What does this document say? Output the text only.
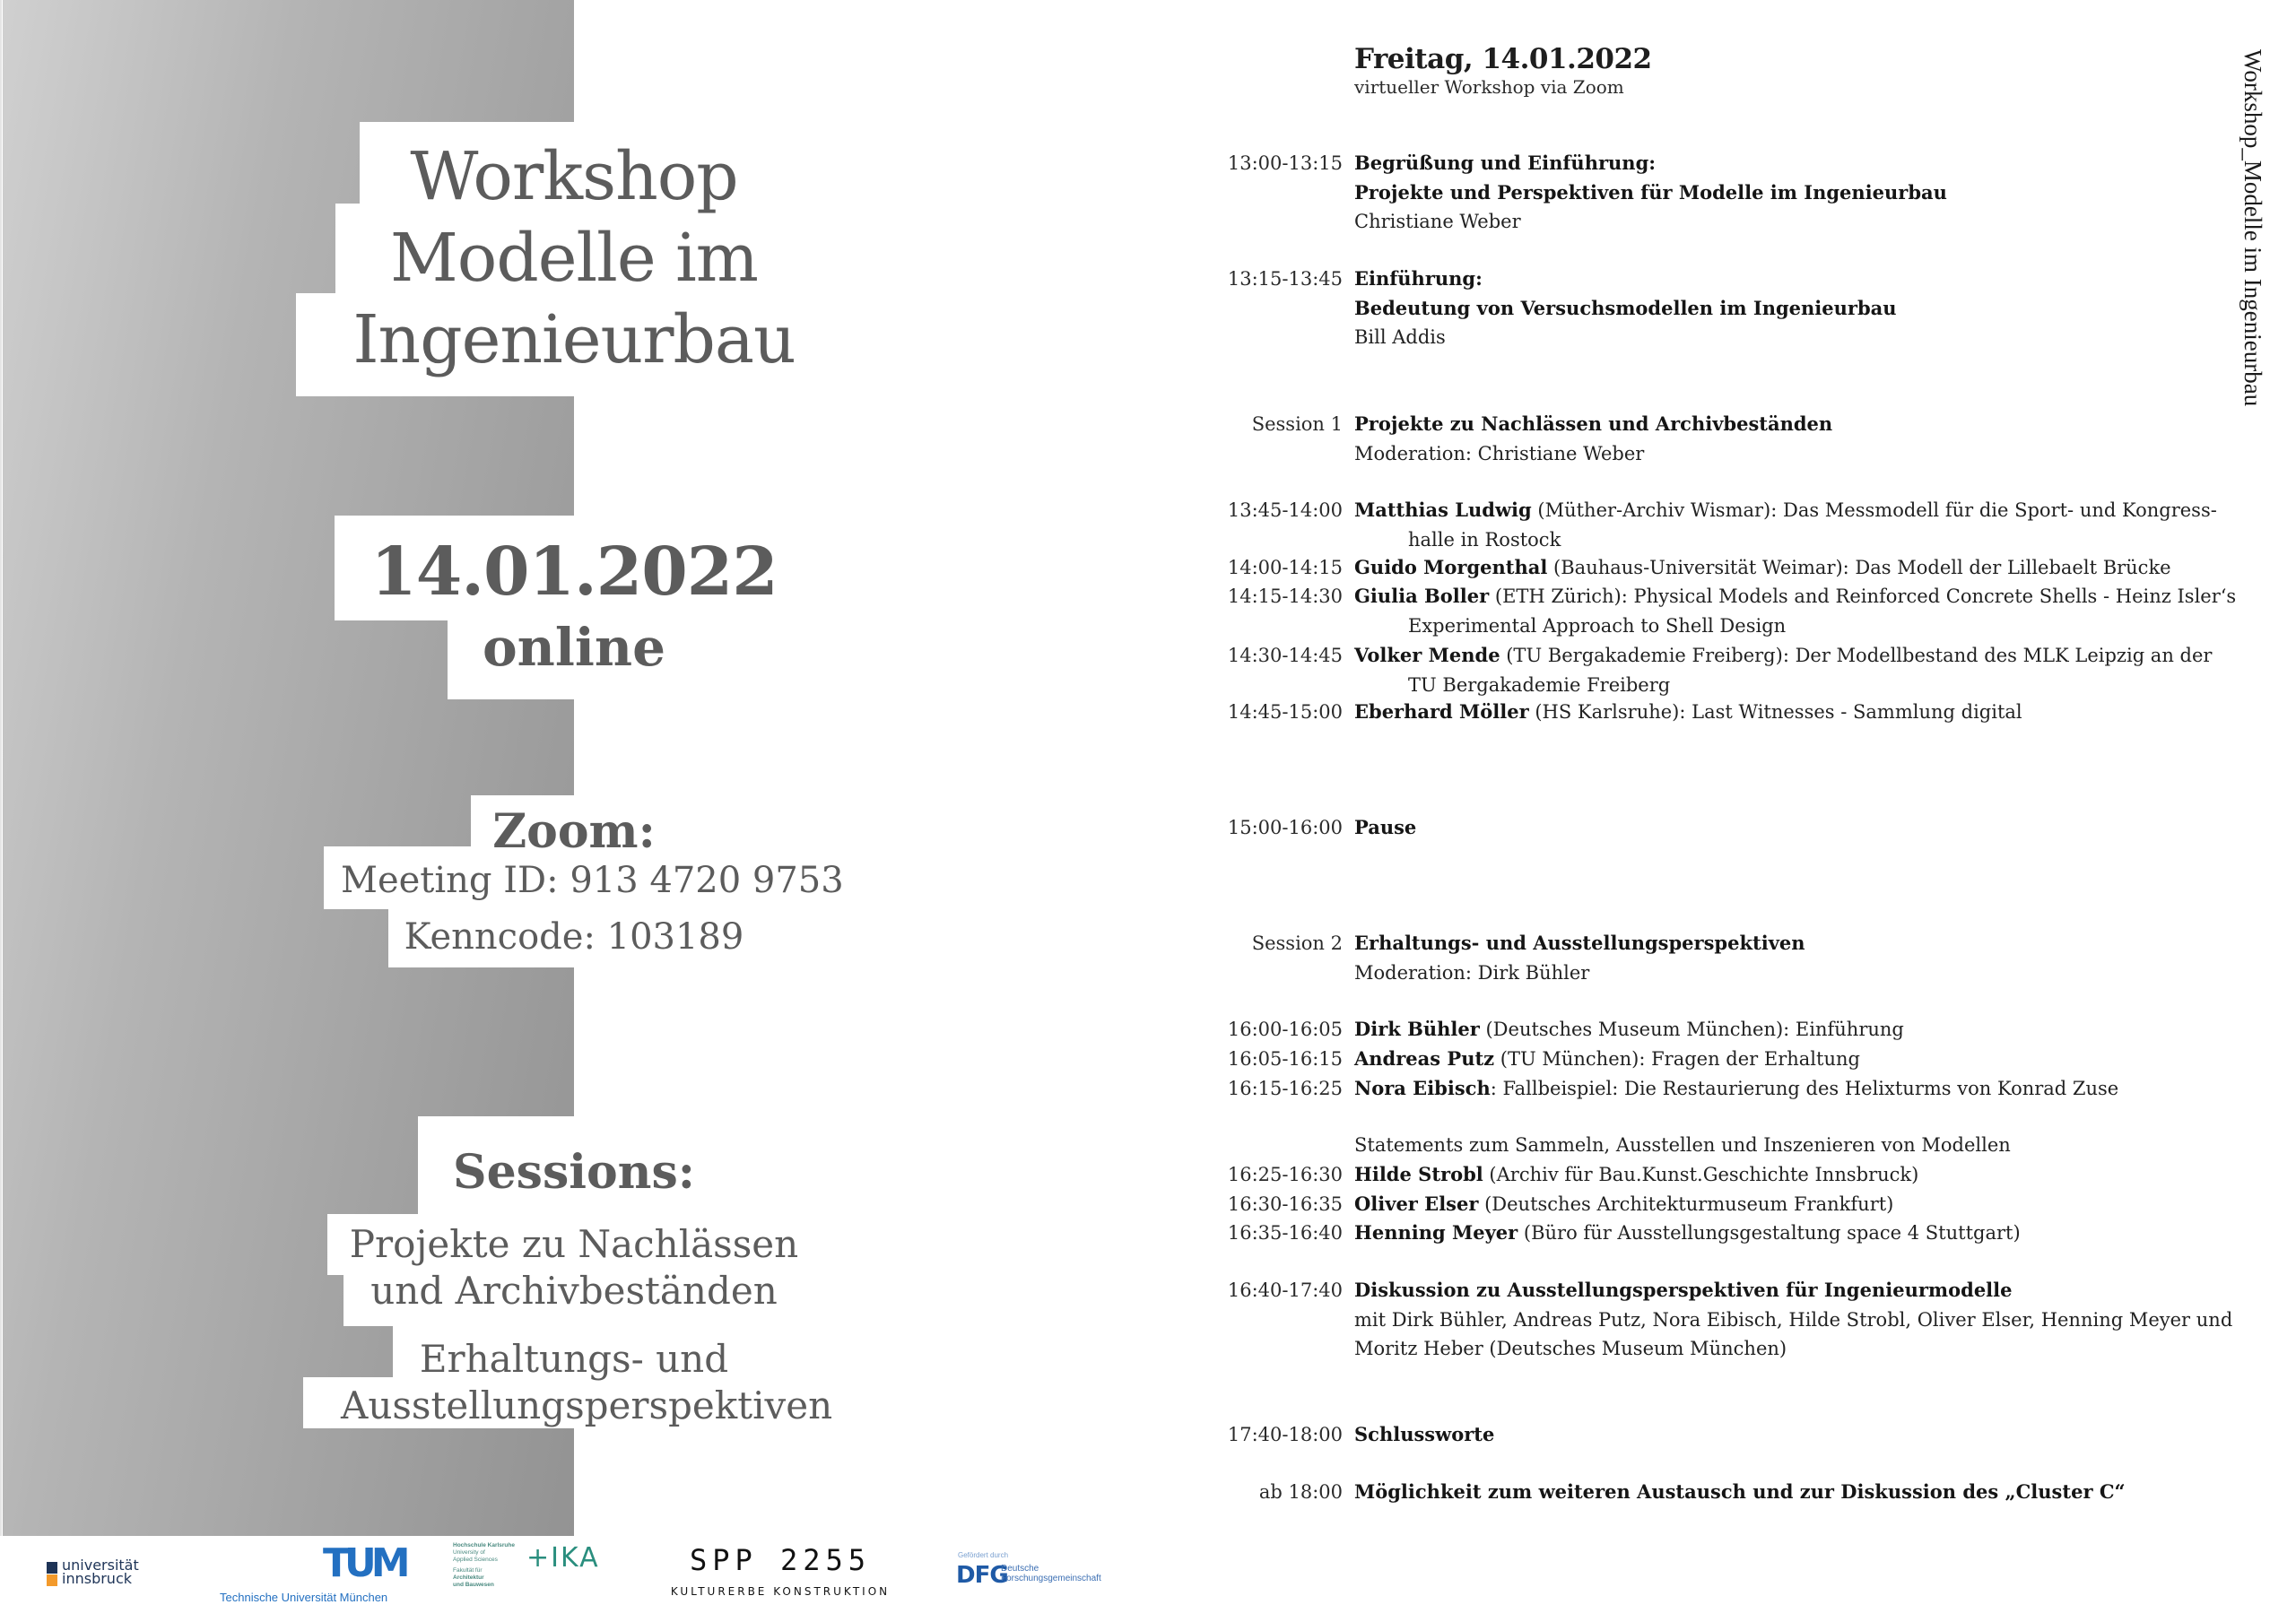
Workshop
Modelle im
Ingenieurbau
14.01.2022
online
Zoom:
Meeting ID: 913 4720 9753
Kenncode: 103189
Sessions:
Projekte zu Nachlässen
und Archivbeständen
Erhaltungs- und
Ausstellungsperspektiven
Freitag, 14.01.2022
virtueller Workshop via Zoom
13:00-13:15 Begrüßung und Einführung:
Projekte und Perspektiven für Modelle im Ingenieurbau
Christiane Weber
13:15-13:45 Einführung:
Bedeutung von Versuchsmodellen im Ingenieurbau
Bill Addis
Session 1 Projekte zu Nachlässen und Archivbeständen
Moderation: Christiane Weber
13:45-14:00 Matthias Ludwig (Müther-Archiv Wismar): Das Messmodell für die Sport- und Kongress-
halle in Rostock
14:00-14:15 Guido Morgenthal (Bauhaus-Universität Weimar): Das Modell der Lillebaelt Brücke
14:15-14:30 Giulia Boller (ETH Zürich): Physical Models and Reinforced Concrete Shells - Heinz Isler‘s
Experimental Approach to Shell Design
14:30-14:45 Volker Mende (TU Bergakademie Freiberg): Der Modellbestand des MLK Leipzig an der
TU Bergakademie Freiberg
14:45-15:00 Eberhard Möller (HS Karlsruhe): Last Witnesses - Sammlung digital
15:00-16:00 Pause
Session 2 Erhaltungs- und Ausstellungsperspektiven
Moderation: Dirk Bühler
16:00-16:05 Dirk Bühler (Deutsches Museum München): Einführung
16:05-16:15 Andreas Putz (TU München): Fragen der Erhaltung
16:15-16:25 Nora Eibisch: Fallbeispiel: Die Restaurierung des Helixturms von Konrad Zuse
Statements zum Sammeln, Ausstellen und Inszenieren von Modellen
16:25-16:30 Hilde Strobl (Archiv für Bau.Kunst.Geschichte Innsbruck)
16:30-16:35 Oliver Elser (Deutsches Architekturmuseum Frankfurt)
16:35-16:40 Henning Meyer (Büro für Ausstellungsgestaltung space 4 Stuttgart)
16:40-17:40 Diskussion zu Ausstellungsperspektiven für Ingenieurmodelle
mit Dirk Bühler, Andreas Putz, Nora Eibisch, Hilde Strobl, Oliver Elser, Henning Meyer und
Moritz Heber (Deutsches Museum München)
17:40-18:00 Schlussworte
ab 18:00 Möglichkeit zum weiteren Austausch und zur Diskussion des „Cluster C“
Workshop_Modelle im Ingenieurbau
universität
innsbruck	TUM
Technische Universität München
Hochschule Karlsruhe
University of
Applied Sciences
Fakultät für
Architektur
und Bauwesen
+IKA	SPP 2255
KULTURERBE KONSTRUKTION
Gefördert durch
DFG
Deutsche
Forschungsgemeinschaft
